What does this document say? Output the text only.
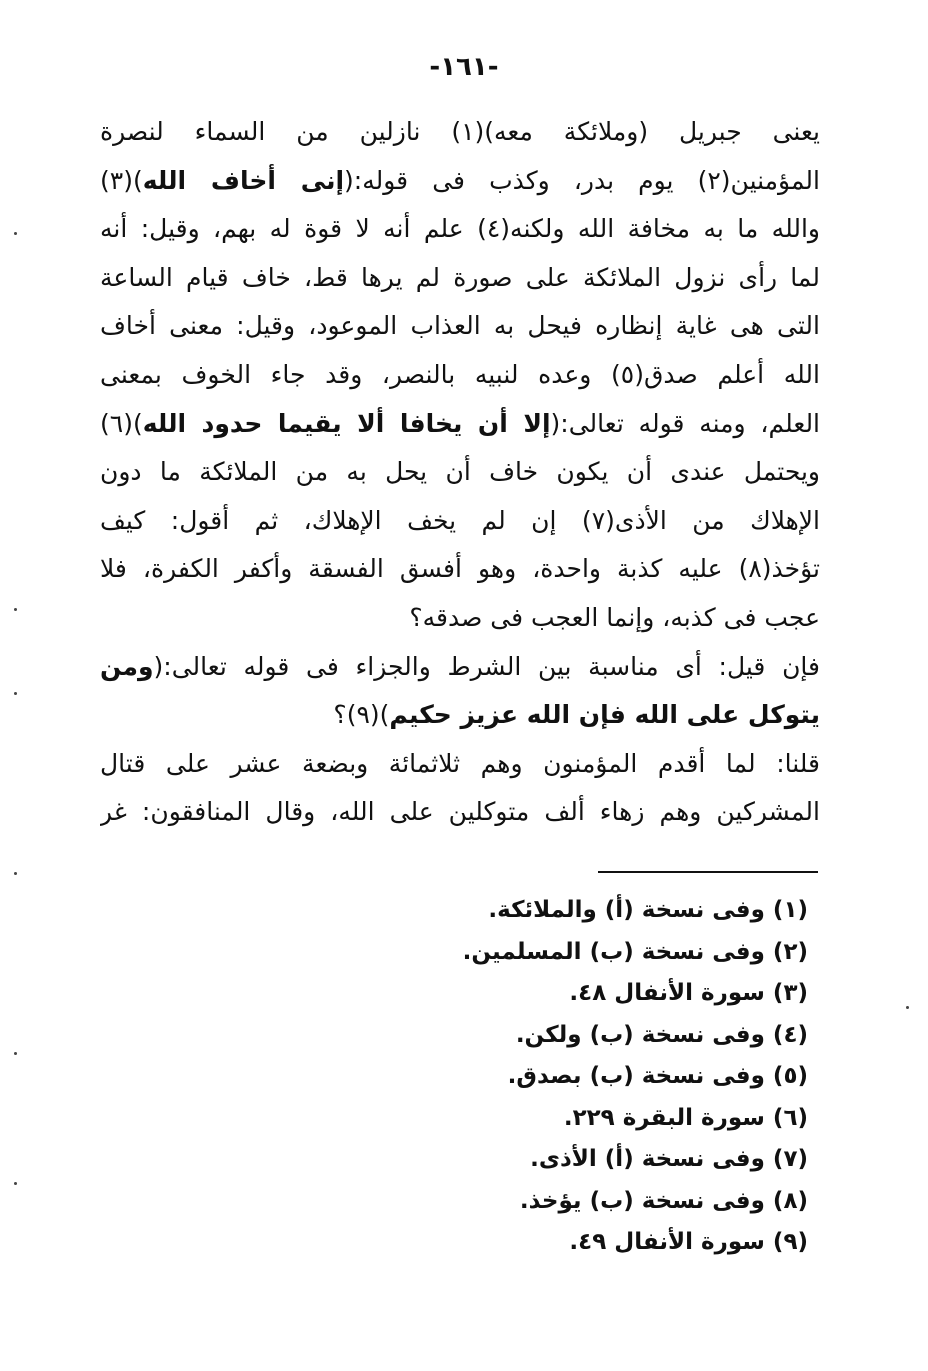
-١٦١-
يعنى جبريل (وملائكة معه)(١) نازلين من السماء لنصرة
المؤمنين(٢) يوم بدر، وكذب فى قوله:(إنى أخاف الله)(٣)
والله ما به مخافة الله ولكنه(٤) علم أنه لا قوة له بهم، وقيل: أنه
لما رأى نزول الملائكة على صورة لم يرها قط، خاف قيام الساعة
التى هى غاية إنظاره فيحل به العذاب الموعود، وقيل: معنى أخاف
الله أعلم صدق(٥) وعده لنبيه بالنصر، وقد جاء الخوف بمعنى
العلم، ومنه قوله تعالى:(إلا أن يخافا ألا يقيما حدود الله)(٦)
ويحتمل عندى أن يكون خاف أن يحل به من الملائكة ما دون
الإهلاك من الأذى(٧) إن لم يخف الإهلاك، ثم أقول: كيف
تؤخذ(٨) عليه كذبة واحدة، وهو أفسق الفسقة وأكفر الكفرة، فلا
عجب فى كذبه، وإنما العجب فى صدقه؟
فإن قيل: أى مناسبة بين الشرط والجزاء فى قوله تعالى:(ومن
يتوكل على الله فإن الله عزيز حكيم)(٩)؟
قلنا: لما أقدم المؤمنون وهم ثلاثمائة وبضعة عشر على قتال
المشركين وهم زهاء ألف متوكلين على الله، وقال المنافقون: غر
(١) وفى نسخة (أ) والملائكة.
(٢) وفى نسخة (ب) المسلمين.
(٣) سورة الأنفال ٤٨.
(٤) وفى نسخة (ب) ولكن.
(٥) وفى نسخة (ب) بصدق.
(٦) سورة البقرة ٢٢٩.
(٧) وفى نسخة (أ) الأذى.
(٨) وفى نسخة (ب) يؤخذ.
(٩) سورة الأنفال ٤٩.
